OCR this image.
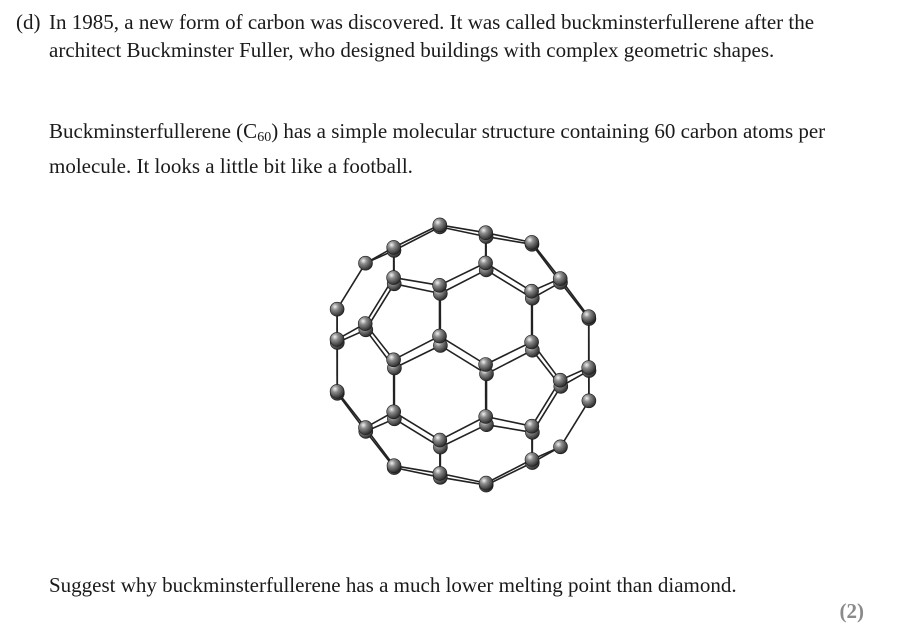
(d) In 1985, a new form of carbon was discovered. It was called buckminsterfullerene after the architect Buckminster Fuller, who designed buildings with complex geometric shapes.
Buckminsterfullerene $(C_{60})$ has a simple molecular structure containing 60 carbon atoms per molecule. It looks a little bit like a football.
Suggest why buckminsterfullerene has a much lower melting point than diamond.
(2)
